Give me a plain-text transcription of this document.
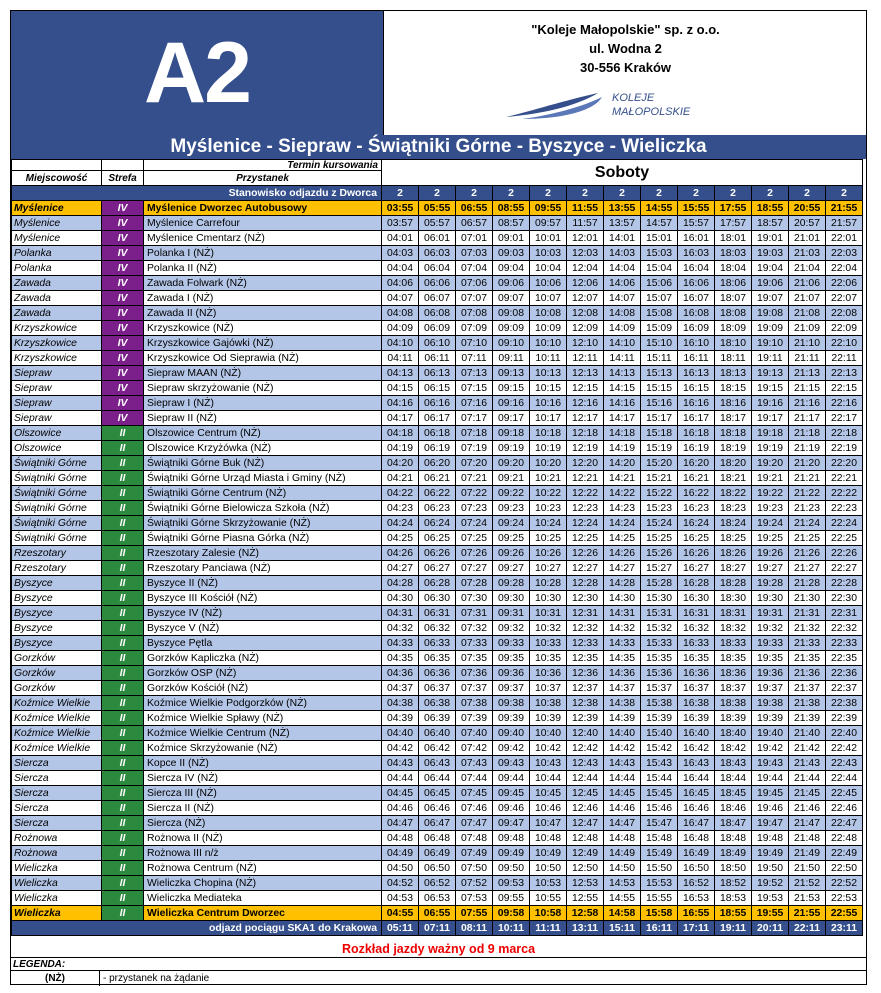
A2	"Koleje Małopolskie" sp. z o.o.
ul. Wodna 2
30-556 Kraków
KOLEJE
MAŁOPOLSKIE
Myślenice - Siepraw - Świątniki Górne - Byszyce - Wieliczka
		Termin kursowania	Soboty												
Miejscowość	Strefa	Przystanek													
Stanowisko odjazdu z Dworca			2	2	2	2	2	2	2	2	2	2	2	2	2
Myślenice	IV	Myślenice Dworzec Autobusowy	03:55	05:55	06:55	08:55	09:55	11:55	13:55	14:55	15:55	17:55	18:55	20:55	21:55
Myślenice	IV	Myślenice Carrefour	03:57	05:57	06:57	08:57	09:57	11:57	13:57	14:57	15:57	17:57	18:57	20:57	21:57
Myślenice	IV	Myślenice Cmentarz (NŻ)	04:01	06:01	07:01	09:01	10:01	12:01	14:01	15:01	16:01	18:01	19:01	21:01	22:01
Polanka	IV	Polanka I (NŻ)	04:03	06:03	07:03	09:03	10:03	12:03	14:03	15:03	16:03	18:03	19:03	21:03	22:03
Polanka	IV	Polanka II (NŻ)	04:04	06:04	07:04	09:04	10:04	12:04	14:04	15:04	16:04	18:04	19:04	21:04	22:04
Zawada	IV	Zawada Folwark (NŻ)	04:06	06:06	07:06	09:06	10:06	12:06	14:06	15:06	16:06	18:06	19:06	21:06	22:06
Zawada	IV	Zawada I (NŻ)	04:07	06:07	07:07	09:07	10:07	12:07	14:07	15:07	16:07	18:07	19:07	21:07	22:07
Zawada	IV	Zawada II (NŻ)	04:08	06:08	07:08	09:08	10:08	12:08	14:08	15:08	16:08	18:08	19:08	21:08	22:08
Krzyszkowice	IV	Krzyszkowice (NŻ)	04:09	06:09	07:09	09:09	10:09	12:09	14:09	15:09	16:09	18:09	19:09	21:09	22:09
Krzyszkowice	IV	Krzyszkowice Gajówki (NŻ)	04:10	06:10	07:10	09:10	10:10	12:10	14:10	15:10	16:10	18:10	19:10	21:10	22:10
Krzyszkowice	IV	Krzyszkowice Od Sieprawia (NŻ)	04:11	06:11	07:11	09:11	10:11	12:11	14:11	15:11	16:11	18:11	19:11	21:11	22:11
Siepraw	IV	Siepraw MAAN (NŻ)	04:13	06:13	07:13	09:13	10:13	12:13	14:13	15:13	16:13	18:13	19:13	21:13	22:13
Siepraw	IV	Siepraw skrzyżowanie (NŻ)	04:15	06:15	07:15	09:15	10:15	12:15	14:15	15:15	16:15	18:15	19:15	21:15	22:15
Siepraw	IV	Siepraw I (NŻ)	04:16	06:16	07:16	09:16	10:16	12:16	14:16	15:16	16:16	18:16	19:16	21:16	22:16
Siepraw	IV	Siepraw II (NŻ)	04:17	06:17	07:17	09:17	10:17	12:17	14:17	15:17	16:17	18:17	19:17	21:17	22:17
Olszowice	II	Olszowice Centrum (NŻ)	04:18	06:18	07:18	09:18	10:18	12:18	14:18	15:18	16:18	18:18	19:18	21:18	22:18
Olszowice	II	Olszowice Krzyżówka (NŻ)	04:19	06:19	07:19	09:19	10:19	12:19	14:19	15:19	16:19	18:19	19:19	21:19	22:19
Świątniki Górne	II	Świątniki Górne Buk (NŻ)	04:20	06:20	07:20	09:20	10:20	12:20	14:20	15:20	16:20	18:20	19:20	21:20	22:20
Świątniki Górne	II	Świątniki Górne Urząd Miasta i Gminy (NŻ)	04:21	06:21	07:21	09:21	10:21	12:21	14:21	15:21	16:21	18:21	19:21	21:21	22:21
Świątniki Górne	II	Świątniki Górne Centrum (NŻ)	04:22	06:22	07:22	09:22	10:22	12:22	14:22	15:22	16:22	18:22	19:22	21:22	22:22
Świątniki Górne	II	Świątniki Górne Bielowicza Szkoła (NŻ)	04:23	06:23	07:23	09:23	10:23	12:23	14:23	15:23	16:23	18:23	19:23	21:23	22:23
Świątniki Górne	II	Świątniki Górne Skrzyżowanie (NŻ)	04:24	06:24	07:24	09:24	10:24	12:24	14:24	15:24	16:24	18:24	19:24	21:24	22:24
Świątniki Górne	II	Świątniki Górne Piasna Górka (NŻ)	04:25	06:25	07:25	09:25	10:25	12:25	14:25	15:25	16:25	18:25	19:25	21:25	22:25
Rzeszotary	II	Rzeszotary Zalesie (NŻ)	04:26	06:26	07:26	09:26	10:26	12:26	14:26	15:26	16:26	18:26	19:26	21:26	22:26
Rzeszotary	II	Rzeszotary Panciawa (NŻ)	04:27	06:27	07:27	09:27	10:27	12:27	14:27	15:27	16:27	18:27	19:27	21:27	22:27
Byszyce	II	Byszyce II (NŻ)	04:28	06:28	07:28	09:28	10:28	12:28	14:28	15:28	16:28	18:28	19:28	21:28	22:28
Byszyce	II	Byszyce III Kościół (NŻ)	04:30	06:30	07:30	09:30	10:30	12:30	14:30	15:30	16:30	18:30	19:30	21:30	22:30
Byszyce	II	Byszyce IV (NŻ)	04:31	06:31	07:31	09:31	10:31	12:31	14:31	15:31	16:31	18:31	19:31	21:31	22:31
Byszyce	II	Byszyce V (NŻ)	04:32	06:32	07:32	09:32	10:32	12:32	14:32	15:32	16:32	18:32	19:32	21:32	22:32
Byszyce	II	Byszyce Pętla	04:33	06:33	07:33	09:33	10:33	12:33	14:33	15:33	16:33	18:33	19:33	21:33	22:33
Gorzków	II	Gorzków Kapliczka (NŻ)	04:35	06:35	07:35	09:35	10:35	12:35	14:35	15:35	16:35	18:35	19:35	21:35	22:35
Gorzków	II	Gorzków OSP (NŻ)	04:36	06:36	07:36	09:36	10:36	12:36	14:36	15:36	16:36	18:36	19:36	21:36	22:36
Gorzków	II	Gorzków Kościół (NŻ)	04:37	06:37	07:37	09:37	10:37	12:37	14:37	15:37	16:37	18:37	19:37	21:37	22:37
Koźmice Wielkie	II	Koźmice Wielkie Podgorzków (NŻ)	04:38	06:38	07:38	09:38	10:38	12:38	14:38	15:38	16:38	18:38	19:38	21:38	22:38
Koźmice Wielkie	II	Koźmice Wielkie Spławy (NŻ)	04:39	06:39	07:39	09:39	10:39	12:39	14:39	15:39	16:39	18:39	19:39	21:39	22:39
Koźmice Wielkie	II	Koźmice Wielkie Centrum (NŻ)	04:40	06:40	07:40	09:40	10:40	12:40	14:40	15:40	16:40	18:40	19:40	21:40	22:40
Koźmice Wielkie	II	Koźmice Skrzyżowanie (NŻ)	04:42	06:42	07:42	09:42	10:42	12:42	14:42	15:42	16:42	18:42	19:42	21:42	22:42
Siercza	II	Kopce II (NŻ)	04:43	06:43	07:43	09:43	10:43	12:43	14:43	15:43	16:43	18:43	19:43	21:43	22:43
Siercza	II	Siercza IV (NŻ)	04:44	06:44	07:44	09:44	10:44	12:44	14:44	15:44	16:44	18:44	19:44	21:44	22:44
Siercza	II	Siercza III (NŻ)	04:45	06:45	07:45	09:45	10:45	12:45	14:45	15:45	16:45	18:45	19:45	21:45	22:45
Siercza	II	Siercza II (NŻ)	04:46	06:46	07:46	09:46	10:46	12:46	14:46	15:46	16:46	18:46	19:46	21:46	22:46
Siercza	II	Siercza (NŻ)	04:47	06:47	07:47	09:47	10:47	12:47	14:47	15:47	16:47	18:47	19:47	21:47	22:47
Rożnowa	II	Rożnowa II (NŻ)	04:48	06:48	07:48	09:48	10:48	12:48	14:48	15:48	16:48	18:48	19:48	21:48	22:48
Rożnowa	II	Rożnowa III n/ż	04:49	06:49	07:49	09:49	10:49	12:49	14:49	15:49	16:49	18:49	19:49	21:49	22:49
Wieliczka	II	Rożnowa Centrum (NŻ)	04:50	06:50	07:50	09:50	10:50	12:50	14:50	15:50	16:50	18:50	19:50	21:50	22:50
Wieliczka	II	Wieliczka Chopina (NŻ)	04:52	06:52	07:52	09:53	10:53	12:53	14:53	15:53	16:52	18:52	19:52	21:52	22:52
Wieliczka	II	Wieliczka Mediateka	04:53	06:53	07:53	09:55	10:55	12:55	14:55	15:55	16:53	18:53	19:53	21:53	22:53
Wieliczka	II	Wieliczka Centrum Dworzec	04:55	06:55	07:55	09:58	10:58	12:58	14:58	15:58	16:55	18:55	19:55	21:55	22:55
odjazd pociągu SKA1 do Krakowa			05:11	07:11	08:11	10:11	11:11	13:11	15:11	16:11	17:11	19:11	20:11	22:11	23:11
Rozkład jazdy ważny od 9 marca
LEGENDA:
(NŻ)	- przystanek na żądanie
